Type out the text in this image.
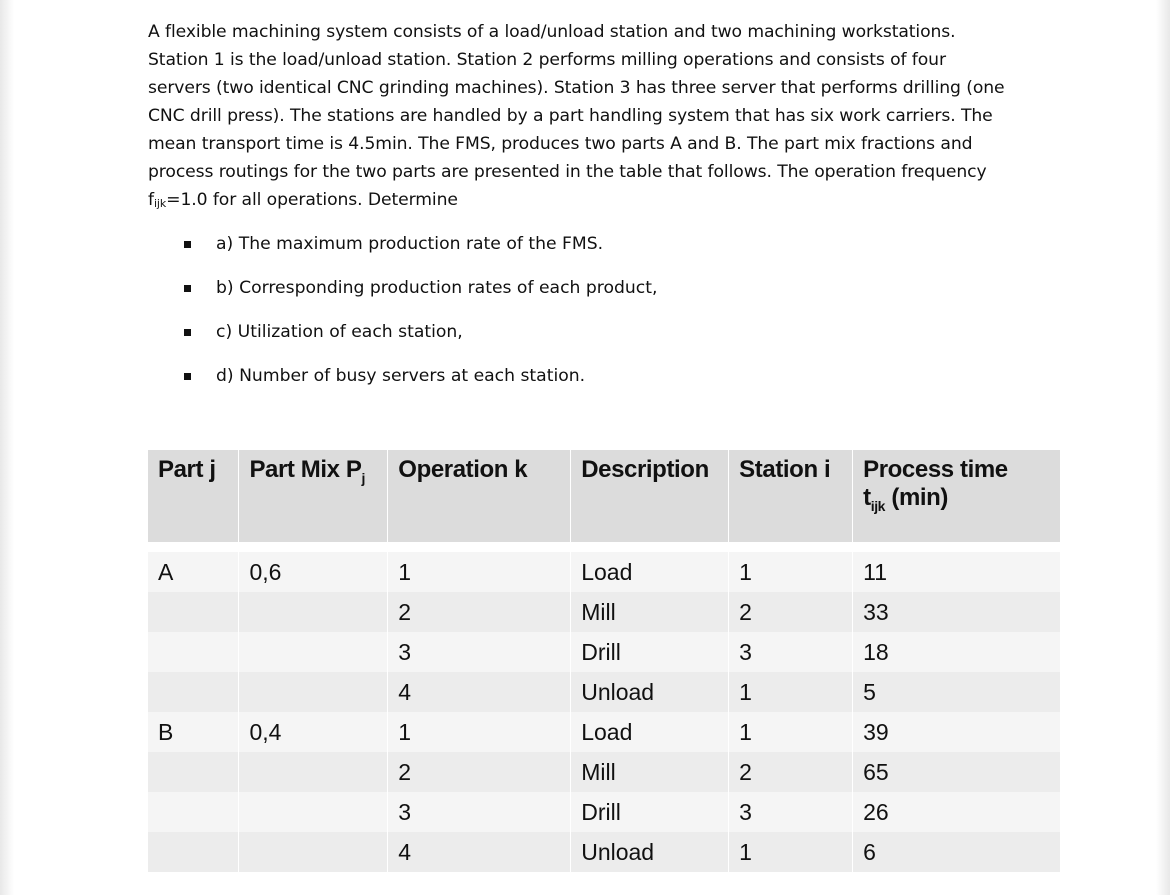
A flexible machining system consists of a load/unload station and two machining workstations.
Station 1 is the load/unload station. Station 2 performs milling operations and consists of four
servers (two identical CNC grinding machines). Station 3 has three server that performs drilling (one
CNC drill press). The stations are handled by a part handling system that has six work carriers. The
mean transport time is 4.5min. The FMS, produces two parts A and B. The part mix fractions and
process routings for the two parts are presented in the table that follows. The operation frequency
$f_{ijk}=1.0$ for all operations. Determine
a) The maximum production rate of the FMS.
b) Corresponding production rates of each product,
c) Utilization of each station,
d) Number of busy servers at each station.
Part j	Part Mix $P_j$	Operation k	Description	Station i	Process time
$t_{ijk}$ (min)

A	0,6	1	Load	1	11
		2	Mill	2	33
		3	Drill	3	18
		4	Unload	1	5
B	0,4	1	Load	1	39
		2	Mill	2	65
		3	Drill	3	26
		4	Unload	1	6
